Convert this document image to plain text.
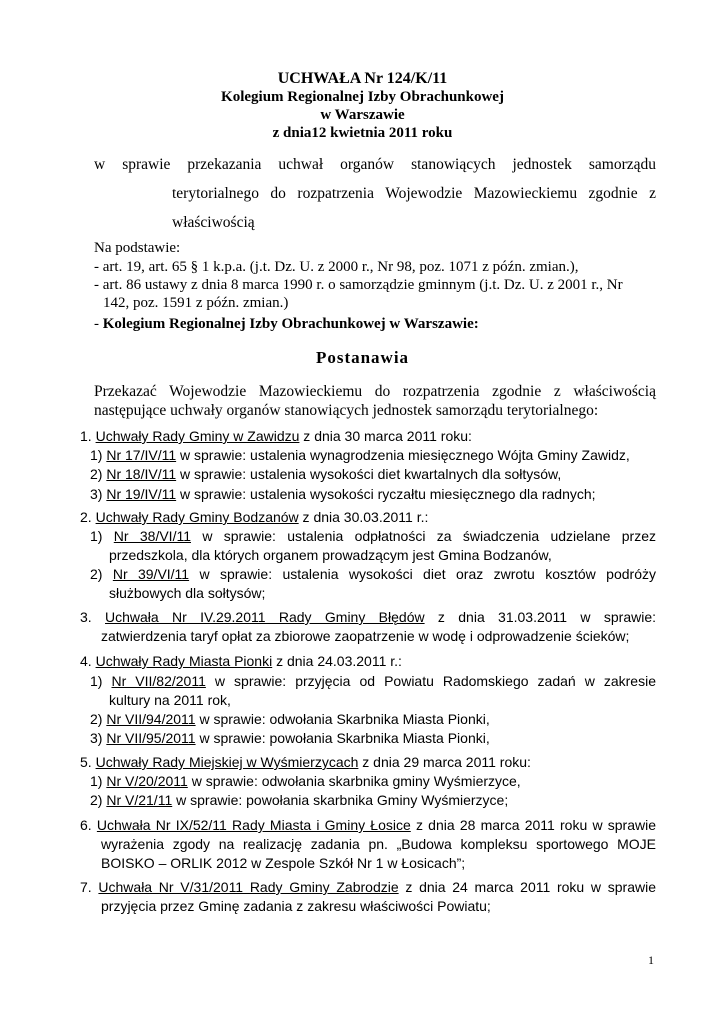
UCHWAŁA Nr 124/K/11
Kolegium Regionalnej Izby Obrachunkowej
w Warszawie
z dnia12 kwietnia 2011 roku
w sprawie przekazania uchwał organów stanowiących jednostek samorządu
terytorialnego do rozpatrzenia Wojewodzie Mazowieckiemu zgodnie z
właściwością
Na podstawie:
- art. 19, art. 65 § 1 k.p.a. (j.t. Dz. U. z 2000 r., Nr 98, poz. 1071 z późn. zmian.),
- art. 86 ustawy z dnia 8 marca 1990 r. o samorządzie gminnym (j.t. Dz. U. z 2001 r., Nr
142, poz. 1591 z późn. zmian.)
- Kolegium Regionalnej Izby Obrachunkowej w Warszawie:
Postanawia
Przekazać Wojewodzie Mazowieckiemu do rozpatrzenia zgodnie z właściwością
następujące uchwały organów stanowiących jednostek samorządu terytorialnego:
1. Uchwały Rady Gminy w Zawidzu z dnia 30 marca 2011 roku:
1) Nr 17/IV/11 w sprawie: ustalenia wynagrodzenia miesięcznego Wójta Gminy Zawidz,
2) Nr 18/IV/11 w sprawie: ustalenia wysokości diet kwartalnych dla sołtysów,
3) Nr 19/IV/11 w sprawie: ustalenia wysokości ryczałtu miesięcznego dla radnych;
2. Uchwały Rady Gminy Bodzanów z dnia 30.03.2011 r.:
1) Nr 38/VI/11 w sprawie: ustalenia odpłatności za świadczenia udzielane przez
przedszkola, dla których organem prowadzącym jest Gmina Bodzanów,
2) Nr 39/VI/11 w sprawie: ustalenia wysokości diet oraz zwrotu kosztów podróży
służbowych dla sołtysów;
3. Uchwała Nr IV.29.2011 Rady Gminy Błędów z dnia 31.03.2011 w sprawie:
zatwierdzenia taryf opłat za zbiorowe zaopatrzenie w wodę i odprowadzenie ścieków;
4. Uchwały Rady Miasta Pionki z dnia 24.03.2011 r.:
1) Nr VII/82/2011 w sprawie: przyjęcia od Powiatu Radomskiego zadań w zakresie
kultury na 2011 rok,
2) Nr VII/94/2011 w sprawie: odwołania Skarbnika Miasta Pionki,
3) Nr VII/95/2011 w sprawie: powołania Skarbnika Miasta Pionki,
5. Uchwały Rady Miejskiej w Wyśmierzycach z dnia 29 marca 2011 roku:
1) Nr V/20/2011 w sprawie: odwołania skarbnika gminy Wyśmierzyce,
2) Nr V/21/11 w sprawie: powołania skarbnika Gminy Wyśmierzyce;
6. Uchwała Nr IX/52/11 Rady Miasta i Gminy Łosice z dnia 28 marca 2011 roku w sprawie
wyrażenia zgody na realizację zadania pn. „Budowa kompleksu sportowego MOJE
BOISKO – ORLIK 2012 w Zespole Szkół Nr 1 w Łosicach”;
7. Uchwała Nr V/31/2011 Rady Gminy Zabrodzie z dnia 24 marca 2011 roku w sprawie
przyjęcia przez Gminę zadania z zakresu właściwości Powiatu;
1
